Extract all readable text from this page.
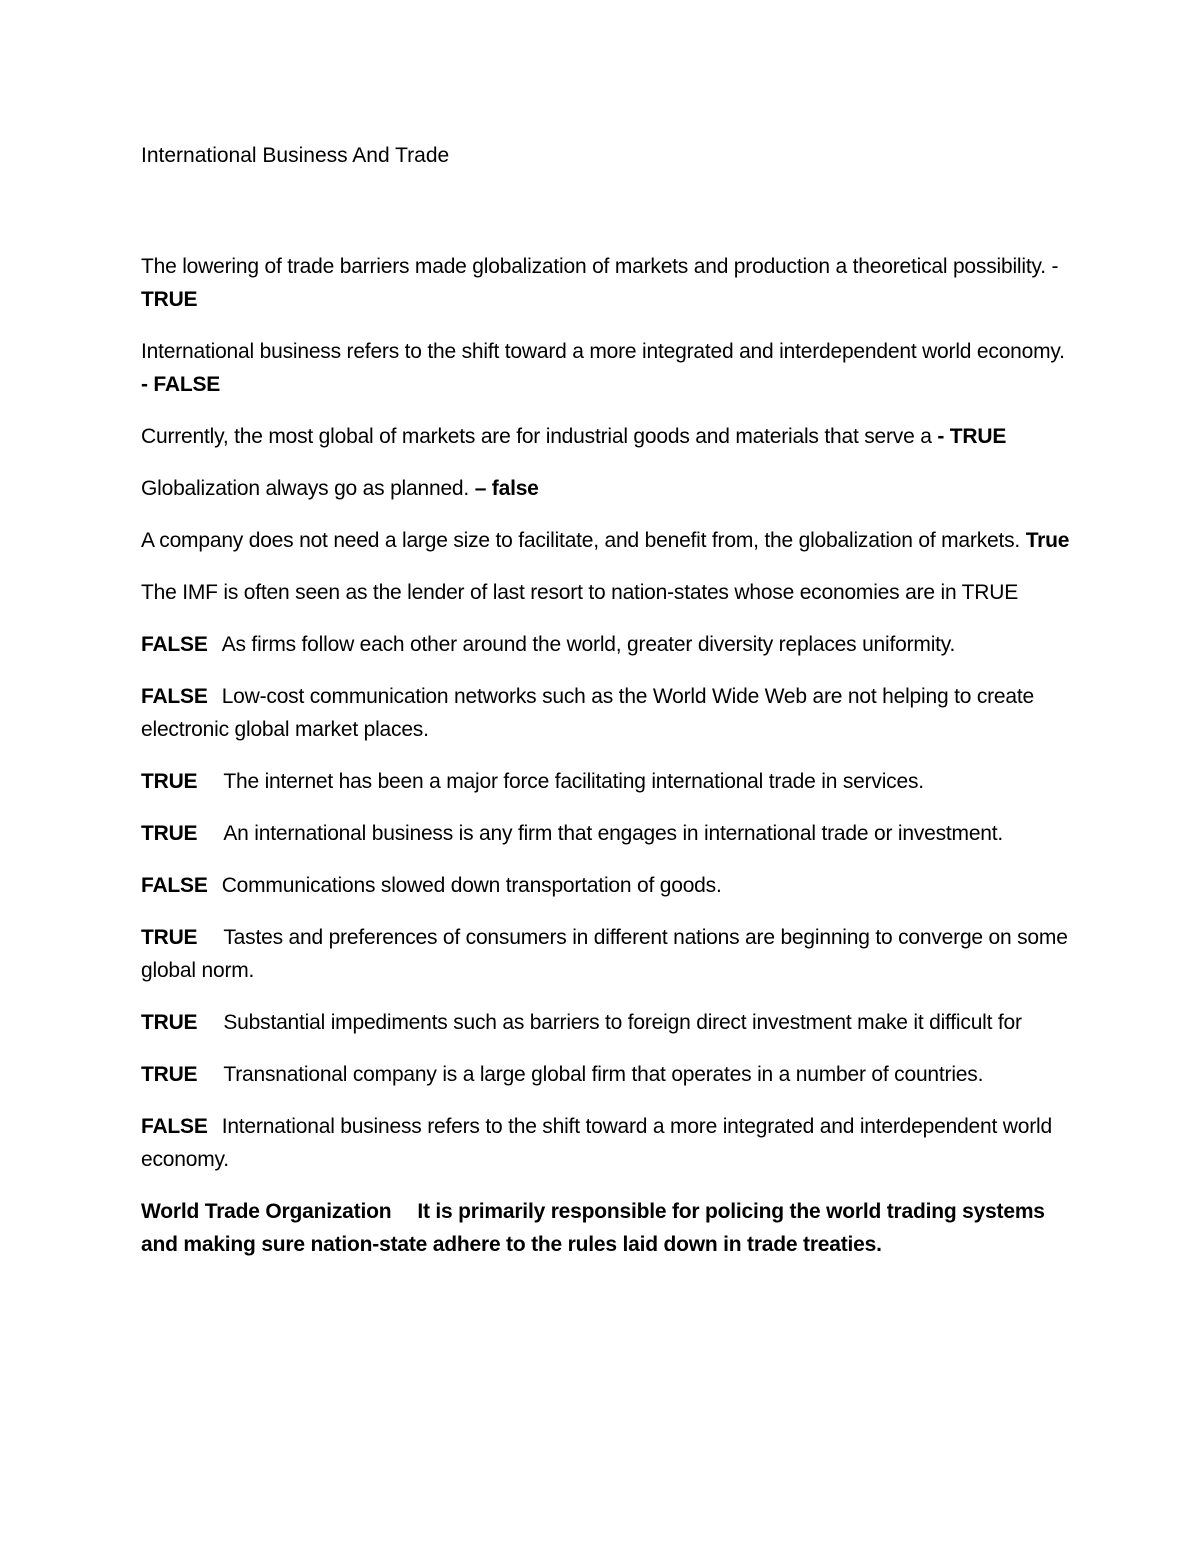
International Business And Trade

The lowering of trade barriers made globalization of markets and production a theoretical possibility. - TRUE

International business refers to the shift toward a more integrated and interdependent world economy. - FALSE

Currently, the most global of markets are for industrial goods and materials that serve a - TRUE

Globalization always go as planned. – false

A company does not need a large size to facilitate, and benefit from, the globalization of markets. True

The IMF is often seen as the lender of last resort to nation-states whose economies are in TRUE

FALSE As firms follow each other around the world, greater diversity replaces uniformity.

FALSE Low-cost communication networks such as the World Wide Web are not helping to create electronic global market places.

TRUE The internet has been a major force facilitating international trade in services.

TRUE An international business is any firm that engages in international trade or investment.

FALSE Communications slowed down transportation of goods.

TRUE Tastes and preferences of consumers in different nations are beginning to converge on some global norm.

TRUE Substantial impediments such as barriers to foreign direct investment make it difficult for

TRUE Transnational company is a large global firm that operates in a number of countries.

FALSE International business refers to the shift toward a more integrated and interdependent world economy.

World Trade Organization It is primarily responsible for policing the world trading systems and making sure nation-state adhere to the rules laid down in trade treaties.
